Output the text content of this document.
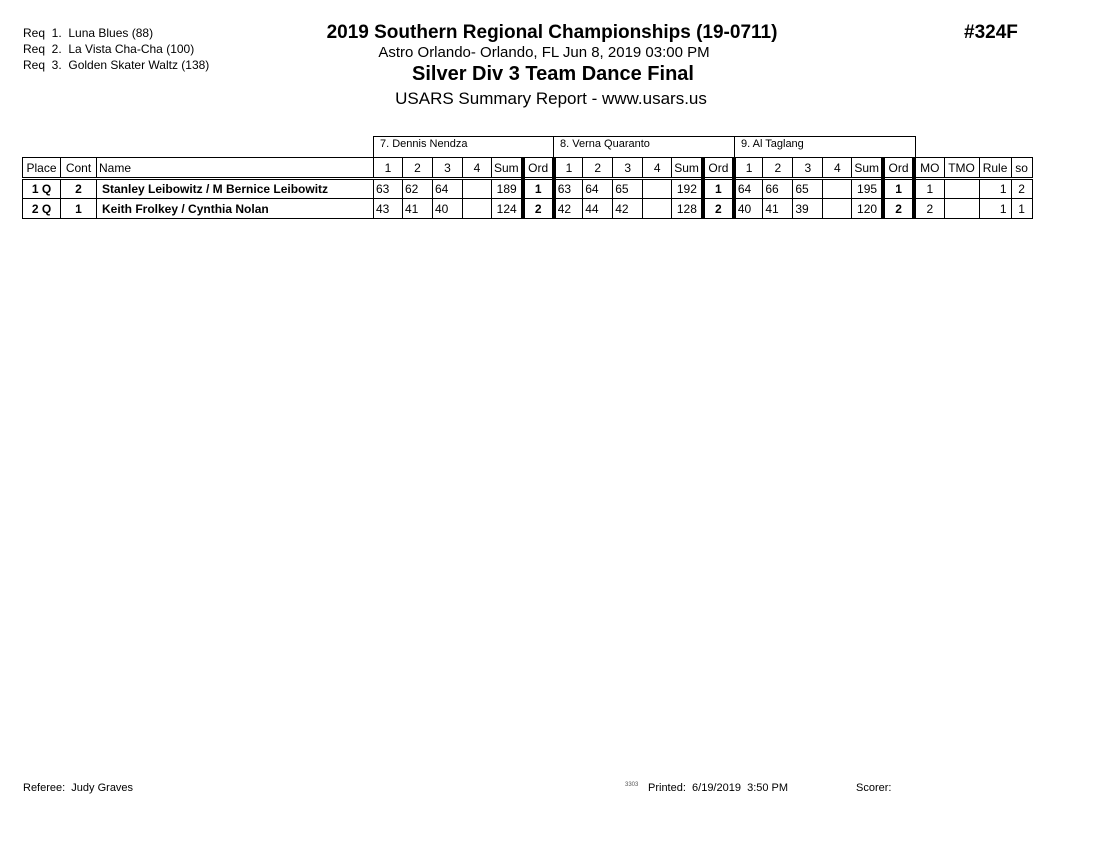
Req  1.  Luna Blues (88)
Req  2.  La Vista Cha-Cha (100)
Req  3.  Golden Skater Waltz (138)
2019 Southern Regional Championships (19-0711)
Astro Orlando- Orlando, FL Jun 8, 2019 03:00 PM
Silver Div 3 Team Dance Final
USARS Summary Report - www.usars.us
#324F
7. Dennis Nendza	8. Verna Quaranto	9. Al Taglang
Place	Cont	Name	1	2	3	4	Sum	Ord	1	2	3	4	Sum	Ord	1	2	3	4	Sum	Ord	MO	TMO	Rule	so
1 Q	2	Stanley Leibowitz / M Bernice Leibowitz	63	62	64		189	1	63	64	65		192	1	64	66	65		195	1	1		1	2
2 Q	1	Keith Frolkey / Cynthia Nolan	43	41	40		124	2	42	44	42		128	2	40	41	39		120	2	2		1	1
Referee:  Judy Graves	3303 Printed:  6/19/2019  3:50 PM	Scorer:
